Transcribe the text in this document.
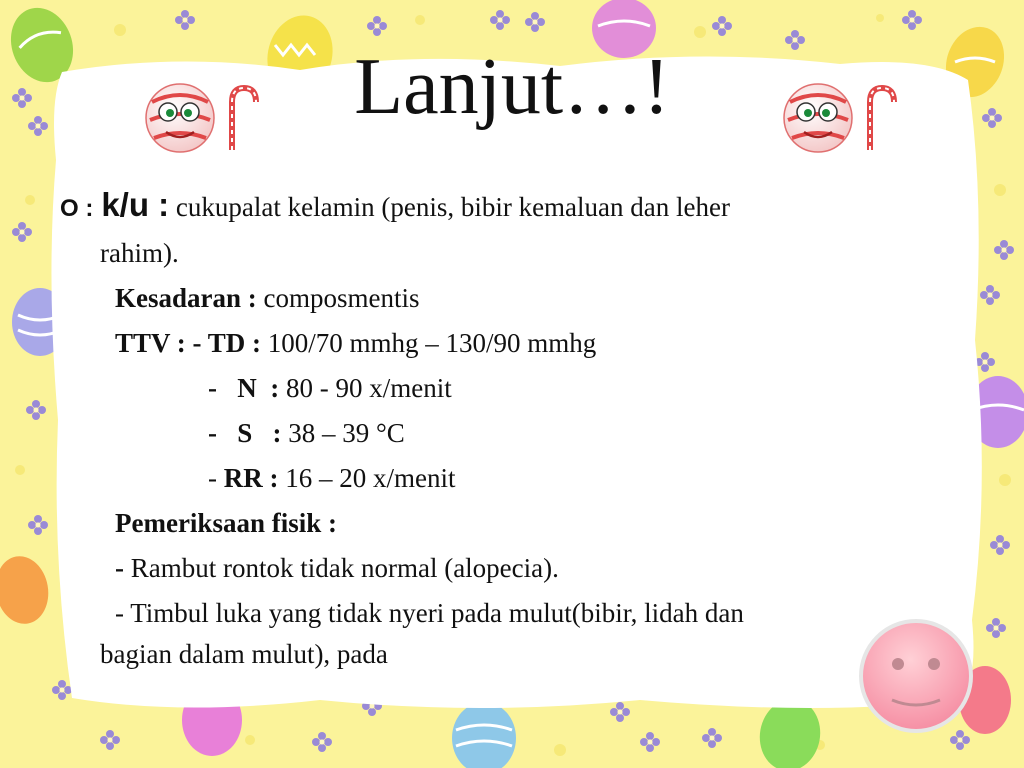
Lanjut…!
O : k/u : cukupalat kelamin (penis, bibir kemaluan dan leher
rahim).
Kesadaran : composmentis
TTV : - TD : 100/70 mmhg – 130/90 mmhg
-   N  : 80 - 90 x/menit
-   S   : 38 – 39 °C
- RR : 16 – 20 x/menit
Pemeriksaan fisik :
- Rambut rontok tidak normal (alopecia).
- Timbul luka yang tidak nyeri pada mulut(bibir, lidah dan
bagian dalam mulut), pada
